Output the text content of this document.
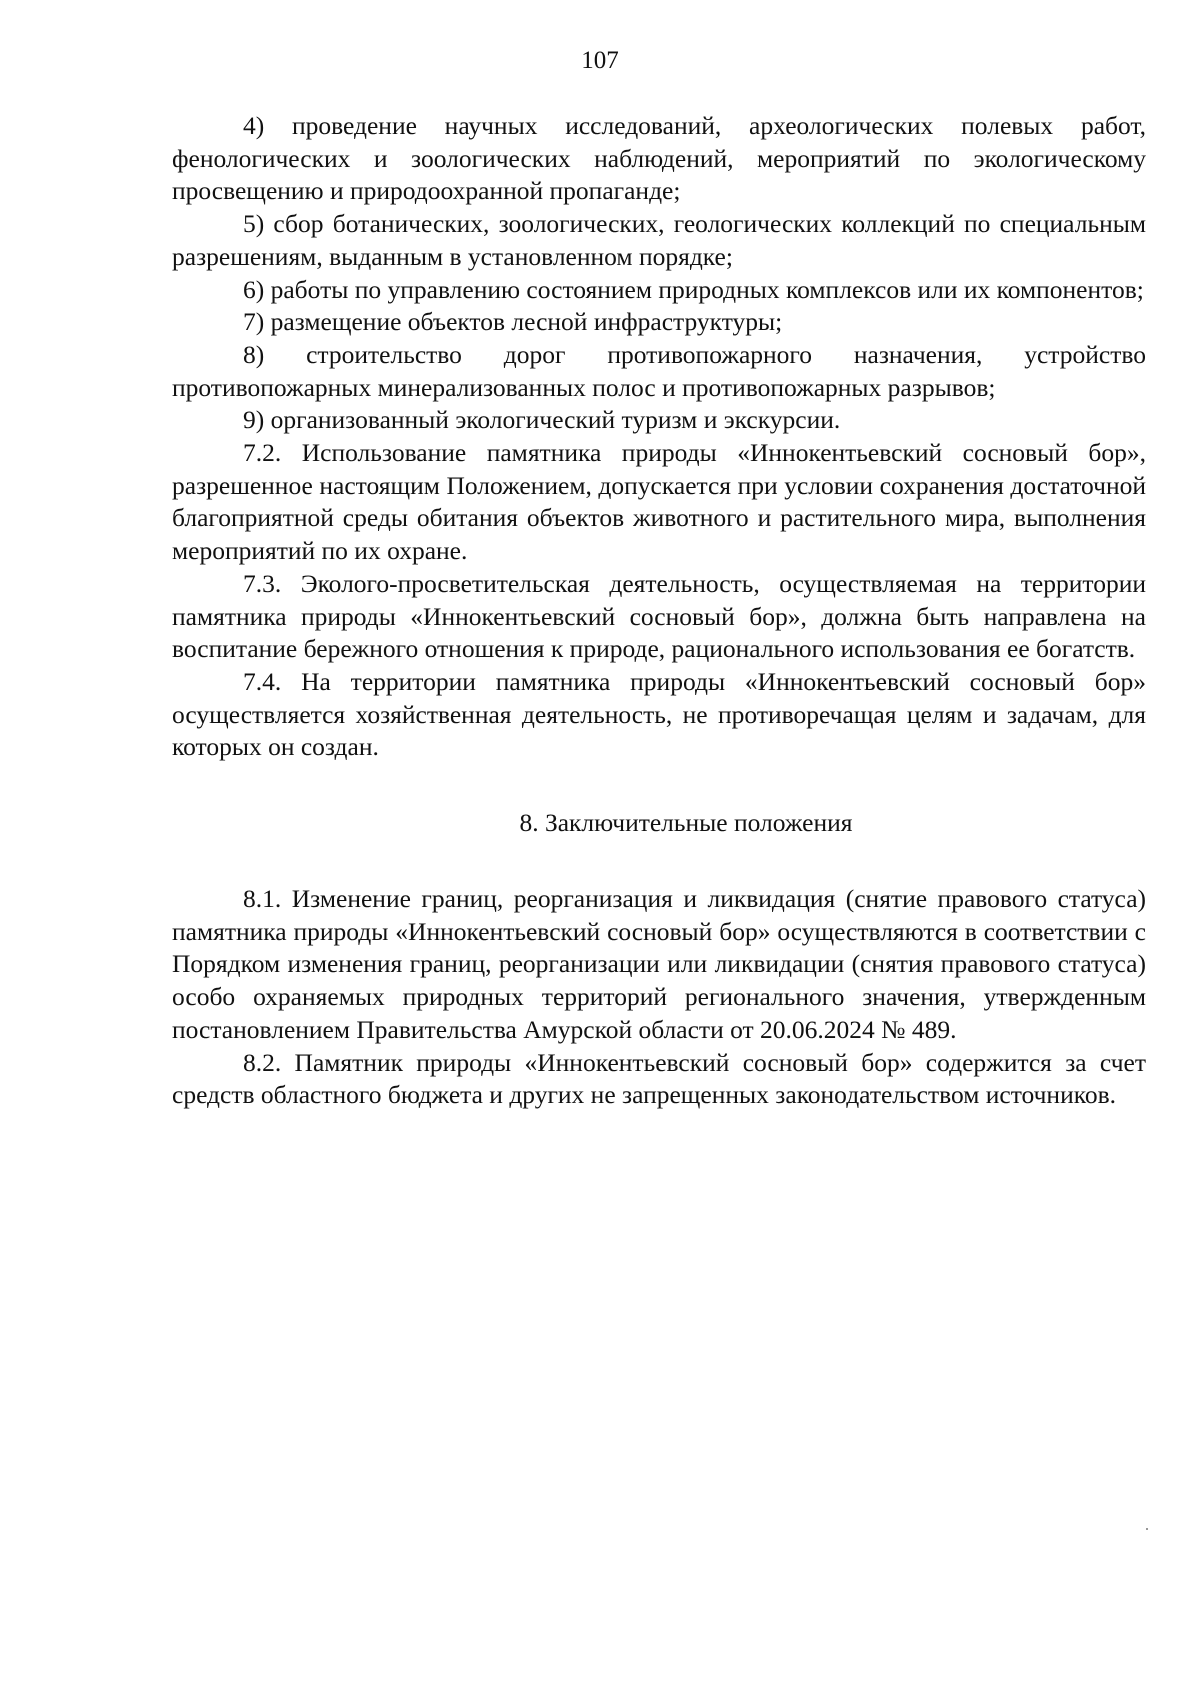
107

4) проведение научных исследований, археологических полевых работ, фенологических и зоологических наблюдений, мероприятий по экологическому просвещению и природоохранной пропаганде;

5) сбор ботанических, зоологических, геологических коллекций по специальным разрешениям, выданным в установленном порядке;

6) работы по управлению состоянием природных комплексов или их компонентов;

7) размещение объектов лесной инфраструктуры;

8) строительство дорог противопожарного назначения, устройство противопожарных минерализованных полос и противопожарных разрывов;

9) организованный экологический туризм и экскурсии.

7.2. Использование памятника природы «Иннокентьевский сосновый бор», разрешенное настоящим Положением, допускается при условии сохранения достаточной благоприятной среды обитания объектов животного и растительного мира, выполнения мероприятий по их охране.

7.3. Эколого-просветительская деятельность, осуществляемая на территории памятника природы «Иннокентьевский сосновый бор», должна быть направлена на воспитание бережного отношения к природе, рационального использования ее богатств.

7.4. На территории памятника природы «Иннокентьевский сосновый бор» осуществляется хозяйственная деятельность, не противоречащая целям и задачам, для которых он создан.

8. Заключительные положения

8.1. Изменение границ, реорганизация и ликвидация (снятие правового статуса) памятника природы «Иннокентьевский сосновый бор» осуществляются в соответствии с Порядком изменения границ, реорганизации или ликвидации (снятия правового статуса) особо охраняемых природных территорий регионального значения, утвержденным постановлением Правительства Амурской области от 20.06.2024 № 489.

8.2. Памятник природы «Иннокентьевский сосновый бор» содержится за счет средств областного бюджета и других не запрещенных законодательством источников.
